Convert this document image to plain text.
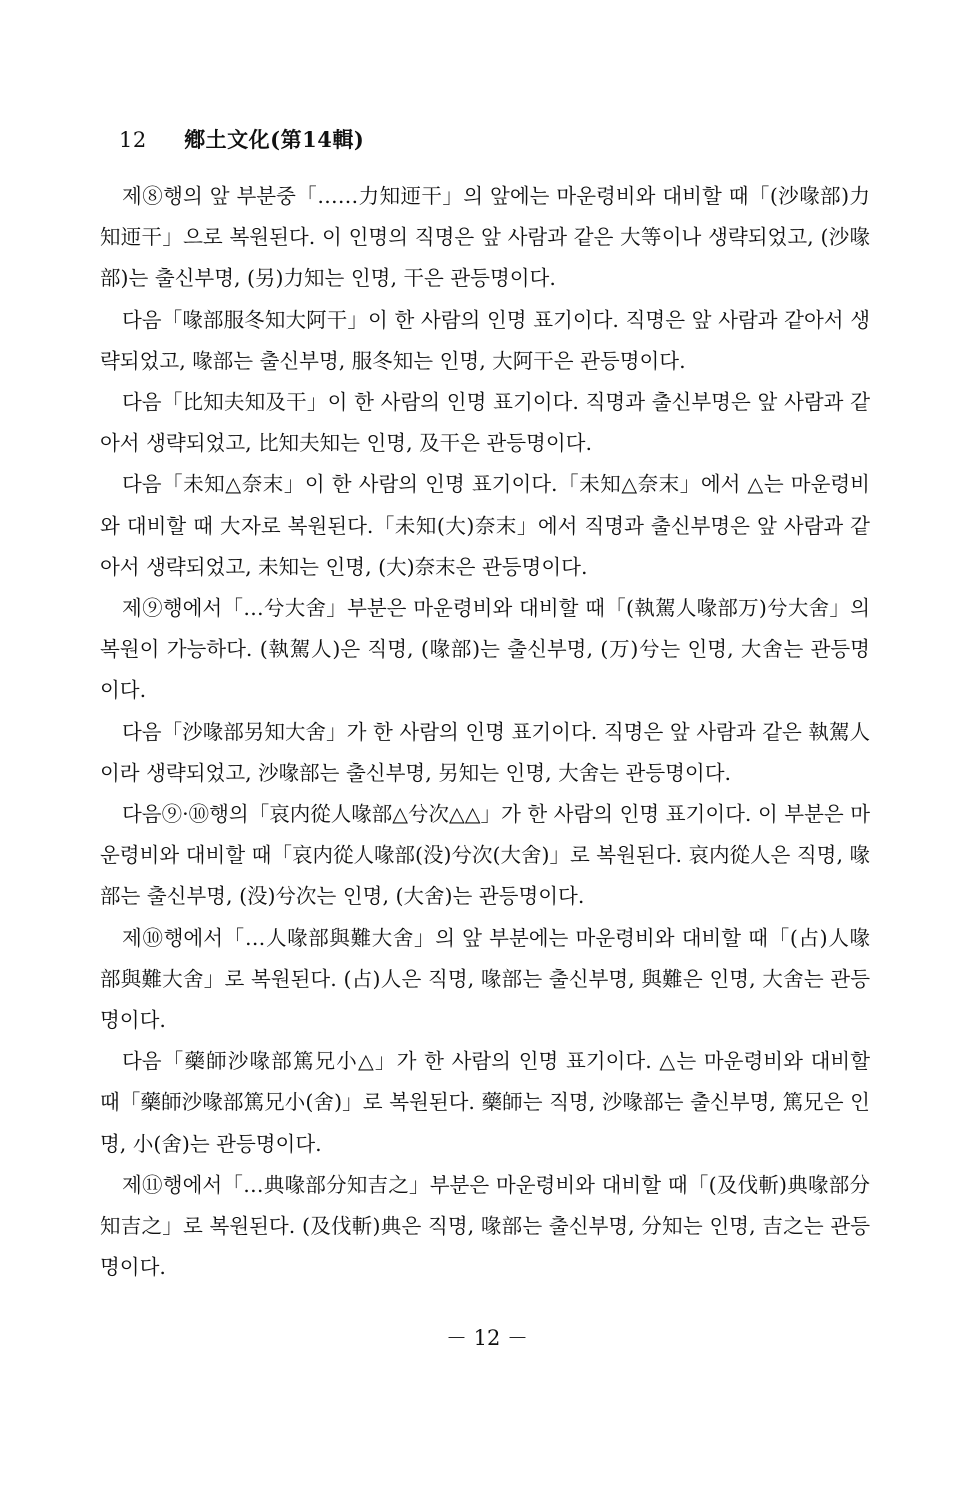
12 鄕土文化(第14輯)

제⑧행의 앞 부분중「……力知迊干」의 앞에는 마운령비와 대비할 때「(沙喙部)力知迊干」으로 복원된다. 이 인명의 직명은 앞 사람과 같은 大等이나 생략되었고, (沙喙部)는 출신부명, (另)力知는 인명, 干은 관등명이다.

다음「喙部服冬知大阿干」이 한 사람의 인명 표기이다. 직명은 앞 사람과 같아서 생략되었고, 喙部는 출신부명, 服冬知는 인명, 大阿干은 관등명이다.

다음「比知夫知及干」이 한 사람의 인명 표기이다. 직명과 출신부명은 앞 사람과 같아서 생략되었고, 比知夫知는 인명, 及干은 관등명이다.

다음「未知△奈末」이 한 사람의 인명 표기이다.「未知△奈末」에서 △는 마운령비와 대비할 때 大자로 복원된다.「未知(大)奈末」에서 직명과 출신부명은 앞 사람과 같아서 생략되었고, 未知는 인명, (大)奈末은 관등명이다.

제⑨행에서「…兮大舍」부분은 마운령비와 대비할 때「(執駕人喙部万)兮大舍」의복원이 가능하다. (執駕人)은 직명, (喙部)는 출신부명, (万)兮는 인명, 大舍는 관등명이다.

다음「沙喙部另知大舍」가 한 사람의 인명 표기이다. 직명은 앞 사람과 같은 執駕人이라 생략되었고, 沙喙部는 출신부명, 另知는 인명, 大舍는 관등명이다.

다음⑨·⑩행의「哀内從人喙部△兮次△△」가 한 사람의 인명 표기이다. 이 부분은 마운령비와 대비할 때「哀内從人喙部(没)兮次(大舍)」로 복원된다. 哀内從人은 직명, 喙部는 출신부명, (没)兮次는 인명, (大舍)는 관등명이다.

제⑩행에서「…人喙部與難大舍」의 앞 부분에는 마운령비와 대비할 때「(占)人喙部與難大舍」로 복원된다. (占)人은 직명, 喙部는 출신부명, 與難은 인명, 大舍는 관등명이다.

다음「藥師沙喙部篤兄小△」가 한 사람의 인명 표기이다. △는 마운령비와 대비할 때「藥師沙喙部篤兄小(舍)」로 복원된다. 藥師는 직명, 沙喙部는 출신부명, 篤兄은 인명, 小(舍)는 관등명이다.

제⑪행에서「…典喙部分知吉之」부분은 마운령비와 대비할 때「(及伐斬)典喙部分知吉之」로 복원된다. (及伐斬)典은 직명, 喙部는 출신부명, 分知는 인명, 吉之는 관등명이다.

－ 12 －
